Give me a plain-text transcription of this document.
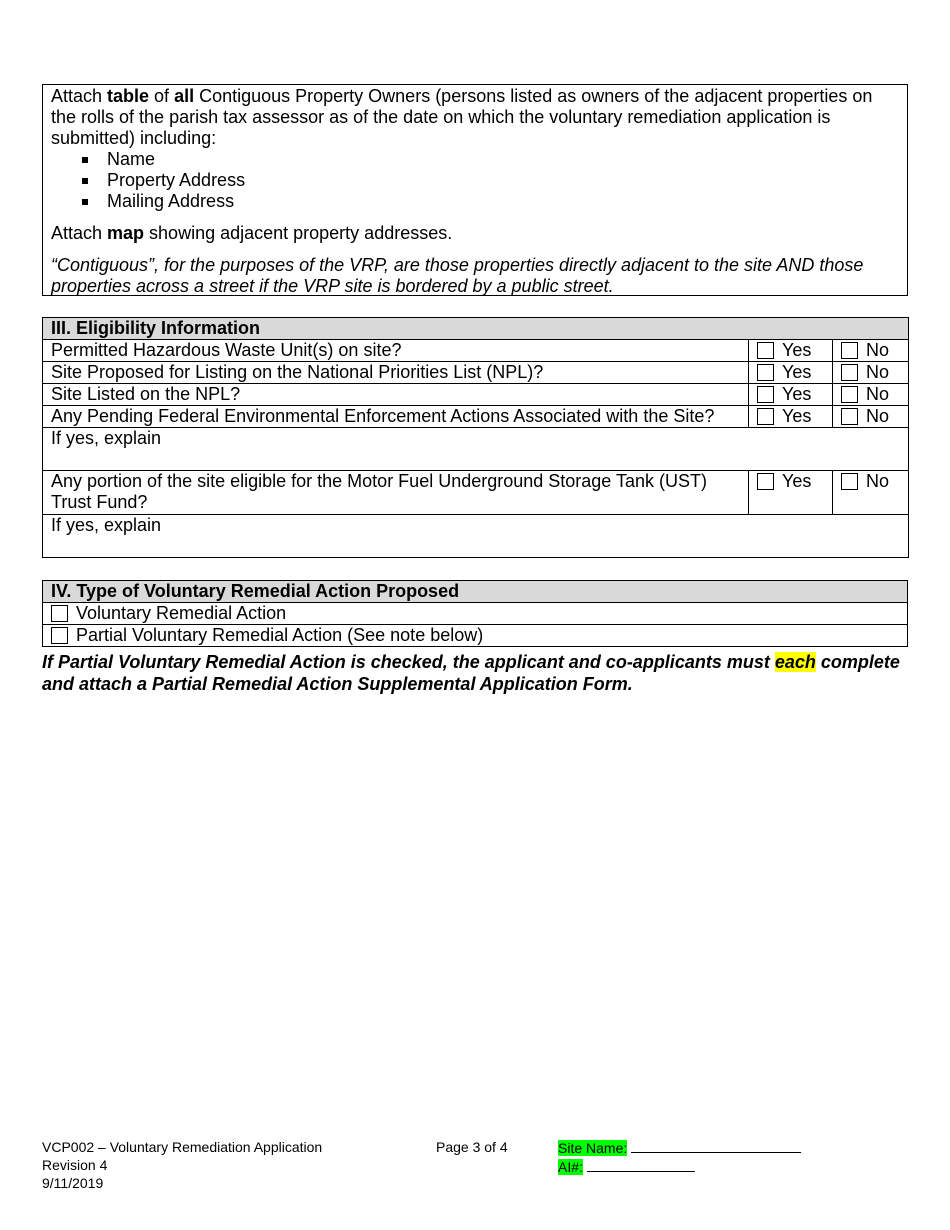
Attach table of all Contiguous Property Owners (persons listed as owners of the adjacent properties on the rolls of the parish tax assessor as of the date on which the voluntary remediation application is submitted) including:

Name
Property Address
Mailing Address

Attach map showing adjacent property addresses.

“Contiguous”, for the purposes of the VRP, are those properties directly adjacent to the site AND those properties across a street if the VRP site is bordered by a public street.

III. Eligibility Information		
Permitted Hazardous Waste Unit(s) on site?	Yes	No
Site Proposed for Listing on the National Priorities List (NPL)?	Yes	No
Site Listed on the NPL?	Yes	No
Any Pending Federal Environmental Enforcement Actions Associated with the Site?	Yes	No
If yes, explain		
Any portion of the site eligible for the Motor Fuel Underground Storage Tank (UST) Trust Fund?	Yes	No
If yes, explain		
IV. Type of Voluntary Remedial Action Proposed
Voluntary Remedial Action
Partial Voluntary Remedial Action (See note below)
If Partial Voluntary Remedial Action is checked, the applicant and co-applicants must each complete and attach a Partial Remedial Action Supplemental Application Form.
VCP002 – Voluntary Remediation Application
Revision 4
9/11/2019
Page 3 of 4	Site Name:
AI#:
